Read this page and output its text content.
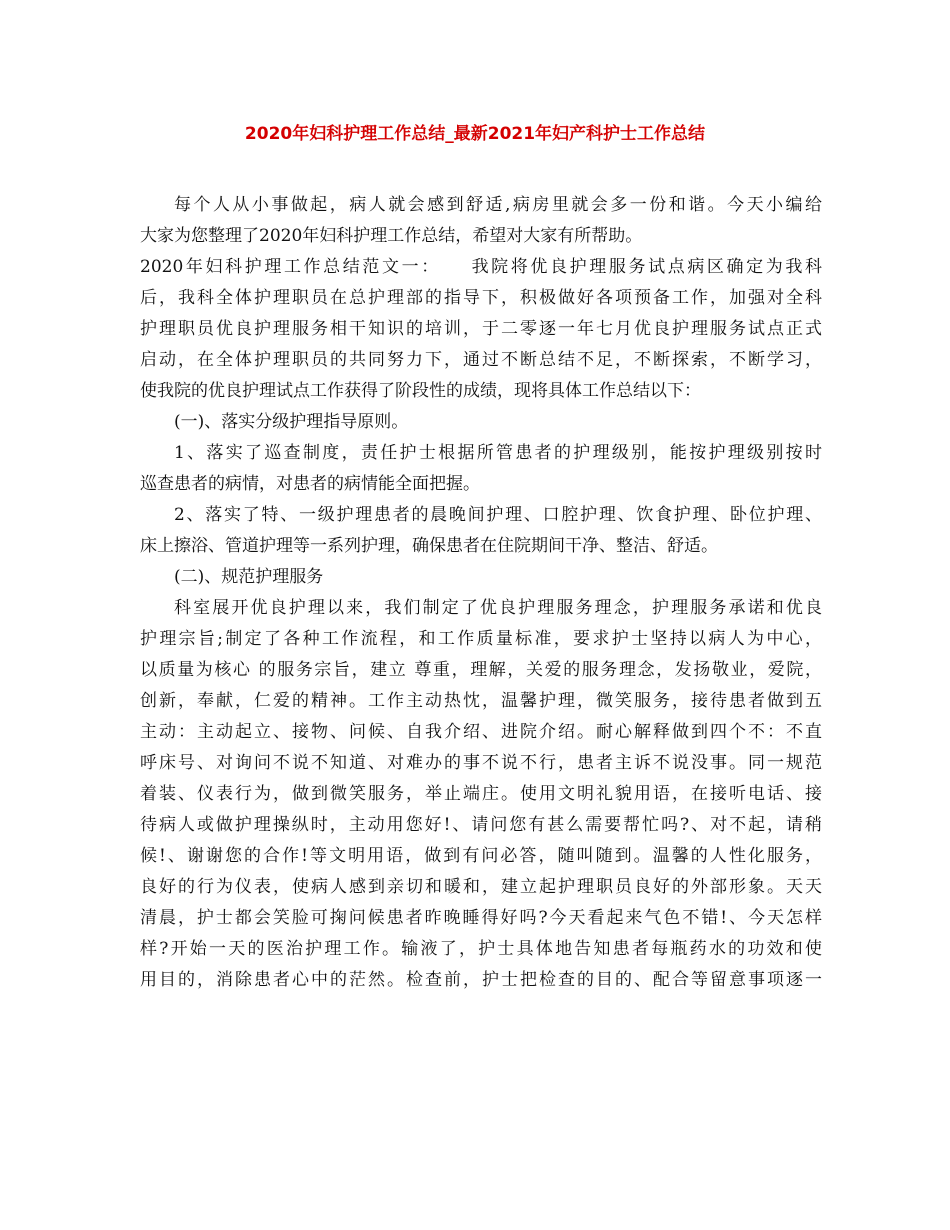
2020年妇科护理工作总结_最新2021年妇产科护士工作总结
每个人从小事做起，病人就会感到舒适,病房里就会多一份和谐。今天小编给
大家为您整理了2020年妇科护理工作总结，希望对大家有所帮助。
2020年妇科护理工作总结范文一：　　我院将优良护理服务试点病区确定为我科
后，我科全体护理职员在总护理部的指导下，积极做好各项预备工作，加强对全科
护理职员优良护理服务相干知识的培训，于二零逐一年七月优良护理服务试点正式
启动，在全体护理职员的共同努力下，通过不断总结不足，不断探索，不断学习，
使我院的优良护理试点工作获得了阶段性的成绩，现将具体工作总结以下：
(一)、落实分级护理指导原则。
1、落实了巡查制度，责任护士根据所管患者的护理级别，能按护理级别按时
巡查患者的病情，对患者的病情能全面把握。
2、落实了特、一级护理患者的晨晚间护理、口腔护理、饮食护理、卧位护理、
床上擦浴、管道护理等一系列护理，确保患者在住院期间干净、整洁、舒适。
(二)、规范护理服务
科室展开优良护理以来，我们制定了优良护理服务理念，护理服务承诺和优良
护理宗旨;制定了各种工作流程，和工作质量标准，要求护士坚持以病人为中心，
以质量为核心 的服务宗旨，建立 尊重，理解，关爱的服务理念，发扬敬业，爱院，
创新，奉献，仁爱的精神。工作主动热忱，温馨护理，微笑服务，接待患者做到五
主动：主动起立、接物、问候、自我介绍、进院介绍。耐心解释做到四个不：不直
呼床号、对询问不说不知道、对难办的事不说不行，患者主诉不说没事。同一规范
着装、仪表行为，做到微笑服务，举止端庄。使用文明礼貌用语，在接听电话、接
待病人或做护理操纵时，主动用您好!、请问您有甚么需要帮忙吗?、对不起，请稍
候!、谢谢您的合作!等文明用语，做到有问必答，随叫随到。温馨的人性化服务，
良好的行为仪表，使病人感到亲切和暖和，建立起护理职员良好的外部形象。天天
清晨，护士都会笑脸可掬问候患者昨晚睡得好吗?今天看起来气色不错!、今天怎样
样?开始一天的医治护理工作。输液了，护士具体地告知患者每瓶药水的功效和使
用目的，消除患者心中的茫然。检查前，护士把检查的目的、配合等留意事项逐一
